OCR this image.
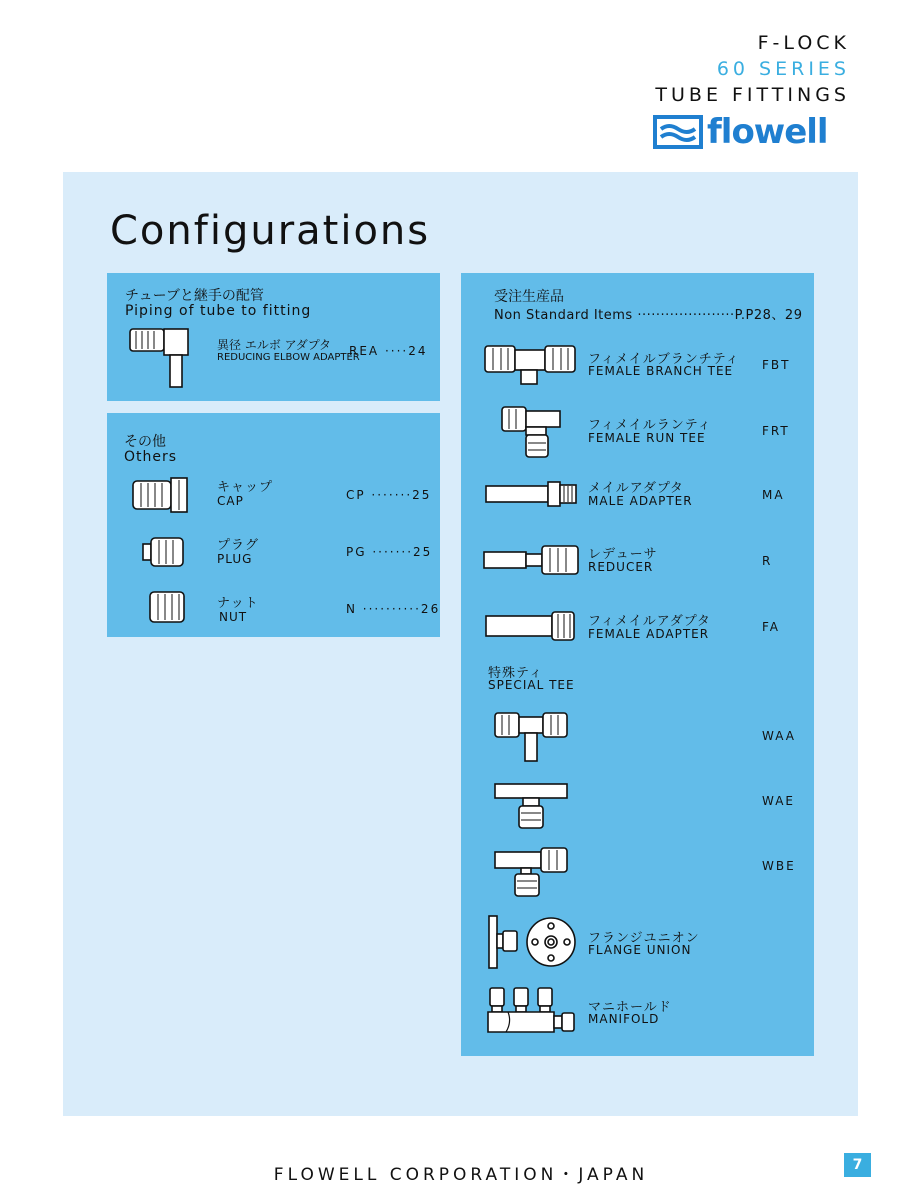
F-LOCK
60 SERIES
TUBE FITTINGS
flowell
Configurations
チューブと継手の配管
Piping of tube to fitting
異径 エルボ アダプタ
REDUCING ELBOW ADAPTER
REA ····24
その他
Others
キャップ
CAP	CP ·······25
プラグ
PLUG	PG ·······25
ナット
NUT
N ··········26
受注生産品
Non Standard Items ·····················P.P28、29
フィメイルブランチティ
FEMALE BRANCH TEE FBT
フィメイルランティ
FEMALE RUN TEE	FRT
メイルアダプタ
MALE ADAPTER	MA
レデューサ
REDUCER	R
フィメイルアダプタ
FEMALE ADAPTER	FA
特殊ティ
SPECIAL TEE
WAA
WAE
WBE
フランジユニオン
FLANGE UNION
マニホールド
MANIFOLD
FLOWELL CORPORATION・JAPAN	7
